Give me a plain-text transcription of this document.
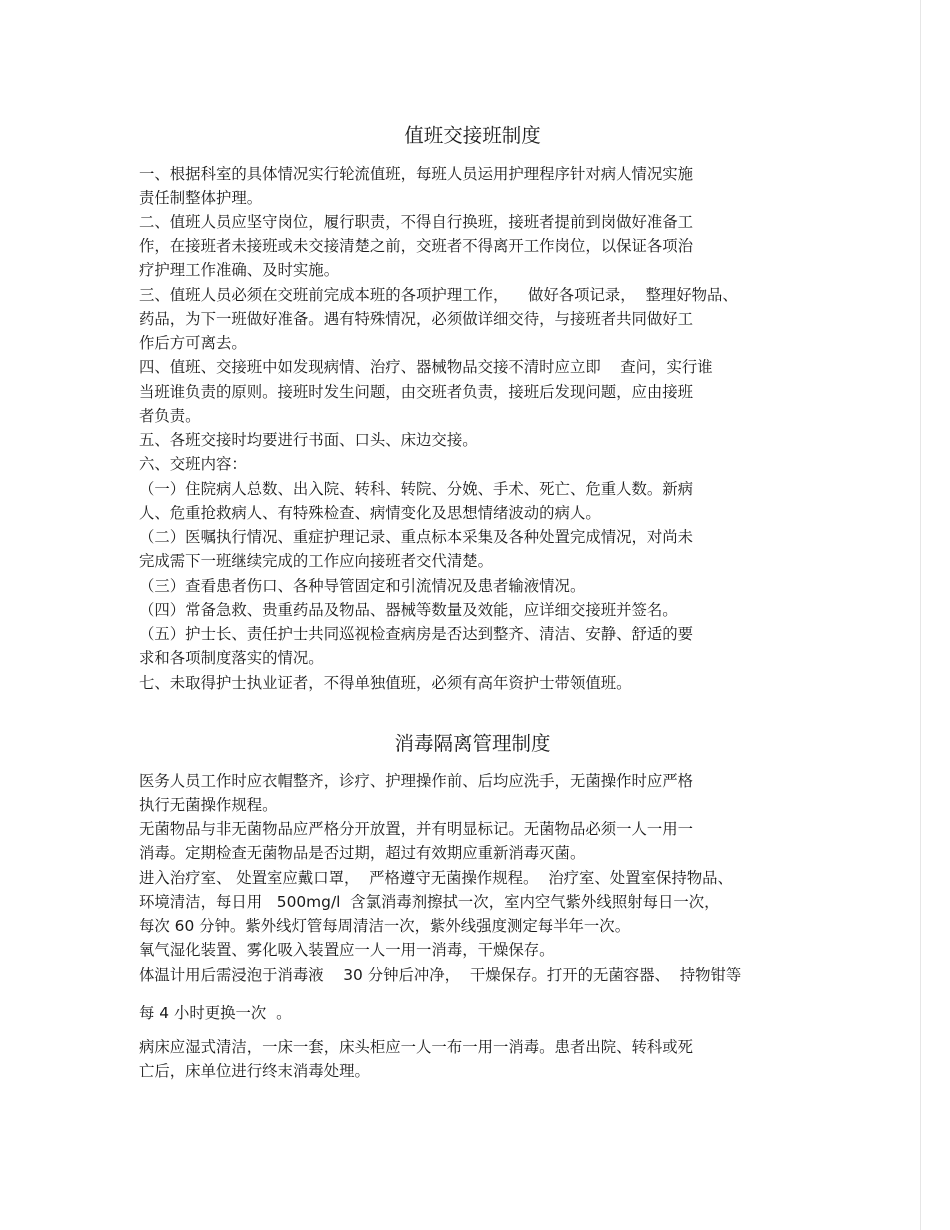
值班交接班制度

一、根据科室的具体情况实行轮流值班，每班人员运用护理程序针对病人情况实施

责任制整体护理。

二、值班人员应坚守岗位，履行职责，不得自行换班，接班者提前到岗做好准备工

作，在接班者未接班或未交接清楚之前，交班者不得离开工作岗位，以保证各项治

疗护理工作准确、及时实施。

三、值班人员必须在交班前完成本班的各项护理工作，    做好各项记录，  整理好物品、

药品，为下一班做好准备。遇有特殊情况，必须做详细交待，与接班者共同做好工

作后方可离去。

四、值班、交接班中如发现病情、治疗、器械物品交接不清时应立即    查问，实行谁

当班谁负责的原则。接班时发生问题，由交班者负责，接班后发现问题，应由接班

者负责。

五、各班交接时均要进行书面、口头、床边交接。

六、交班内容：

（一）住院病人总数、出入院、转科、转院、分娩、手术、死亡、危重人数。新病

人、危重抢救病人、有特殊检查、病情变化及思想情绪波动的病人。

（二）医嘱执行情况、重症护理记录、重点标本采集及各种处置完成情况，对尚未

完成需下一班继续完成的工作应向接班者交代清楚。

（三）查看患者伤口、各种导管固定和引流情况及患者输液情况。

（四）常备急救、贵重药品及物品、器械等数量及效能，应详细交接班并签名。

（五）护士长、责任护士共同巡视检查病房是否达到整齐、清洁、安静、舒适的要

求和各项制度落实的情况。

七、未取得护士执业证者，不得单独值班，必须有高年资护士带领值班。

消毒隔离管理制度

医务人员工作时应衣帽整齐，诊疗、护理操作前、后均应洗手，无菌操作时应严格

执行无菌操作规程。

无菌物品与非无菌物品应严格分开放置，并有明显标记。无菌物品必须一人一用一

消毒。定期检查无菌物品是否过期，超过有效期应重新消毒灭菌。

进入治疗室、 处置室应戴口罩，  严格遵守无菌操作规程。  治疗室、处置室保持物品、

环境清洁，每日用   500mg/l  含氯消毒剂擦拭一次，室内空气紫外线照射每日一次，

每次 60 分钟。紫外线灯管每周清洁一次，紫外线强度测定每半年一次。

氧气湿化装置、雾化吸入装置应一人一用一消毒，干燥保存。

体温计用后需浸泡于消毒液    30 分钟后冲净，  干燥保存。打开的无菌容器、  持物钳等

每 4 小时更换一次  。

病床应湿式清洁，一床一套，床头柜应一人一布一用一消毒。患者出院、转科或死

亡后，床单位进行终末消毒处理。
